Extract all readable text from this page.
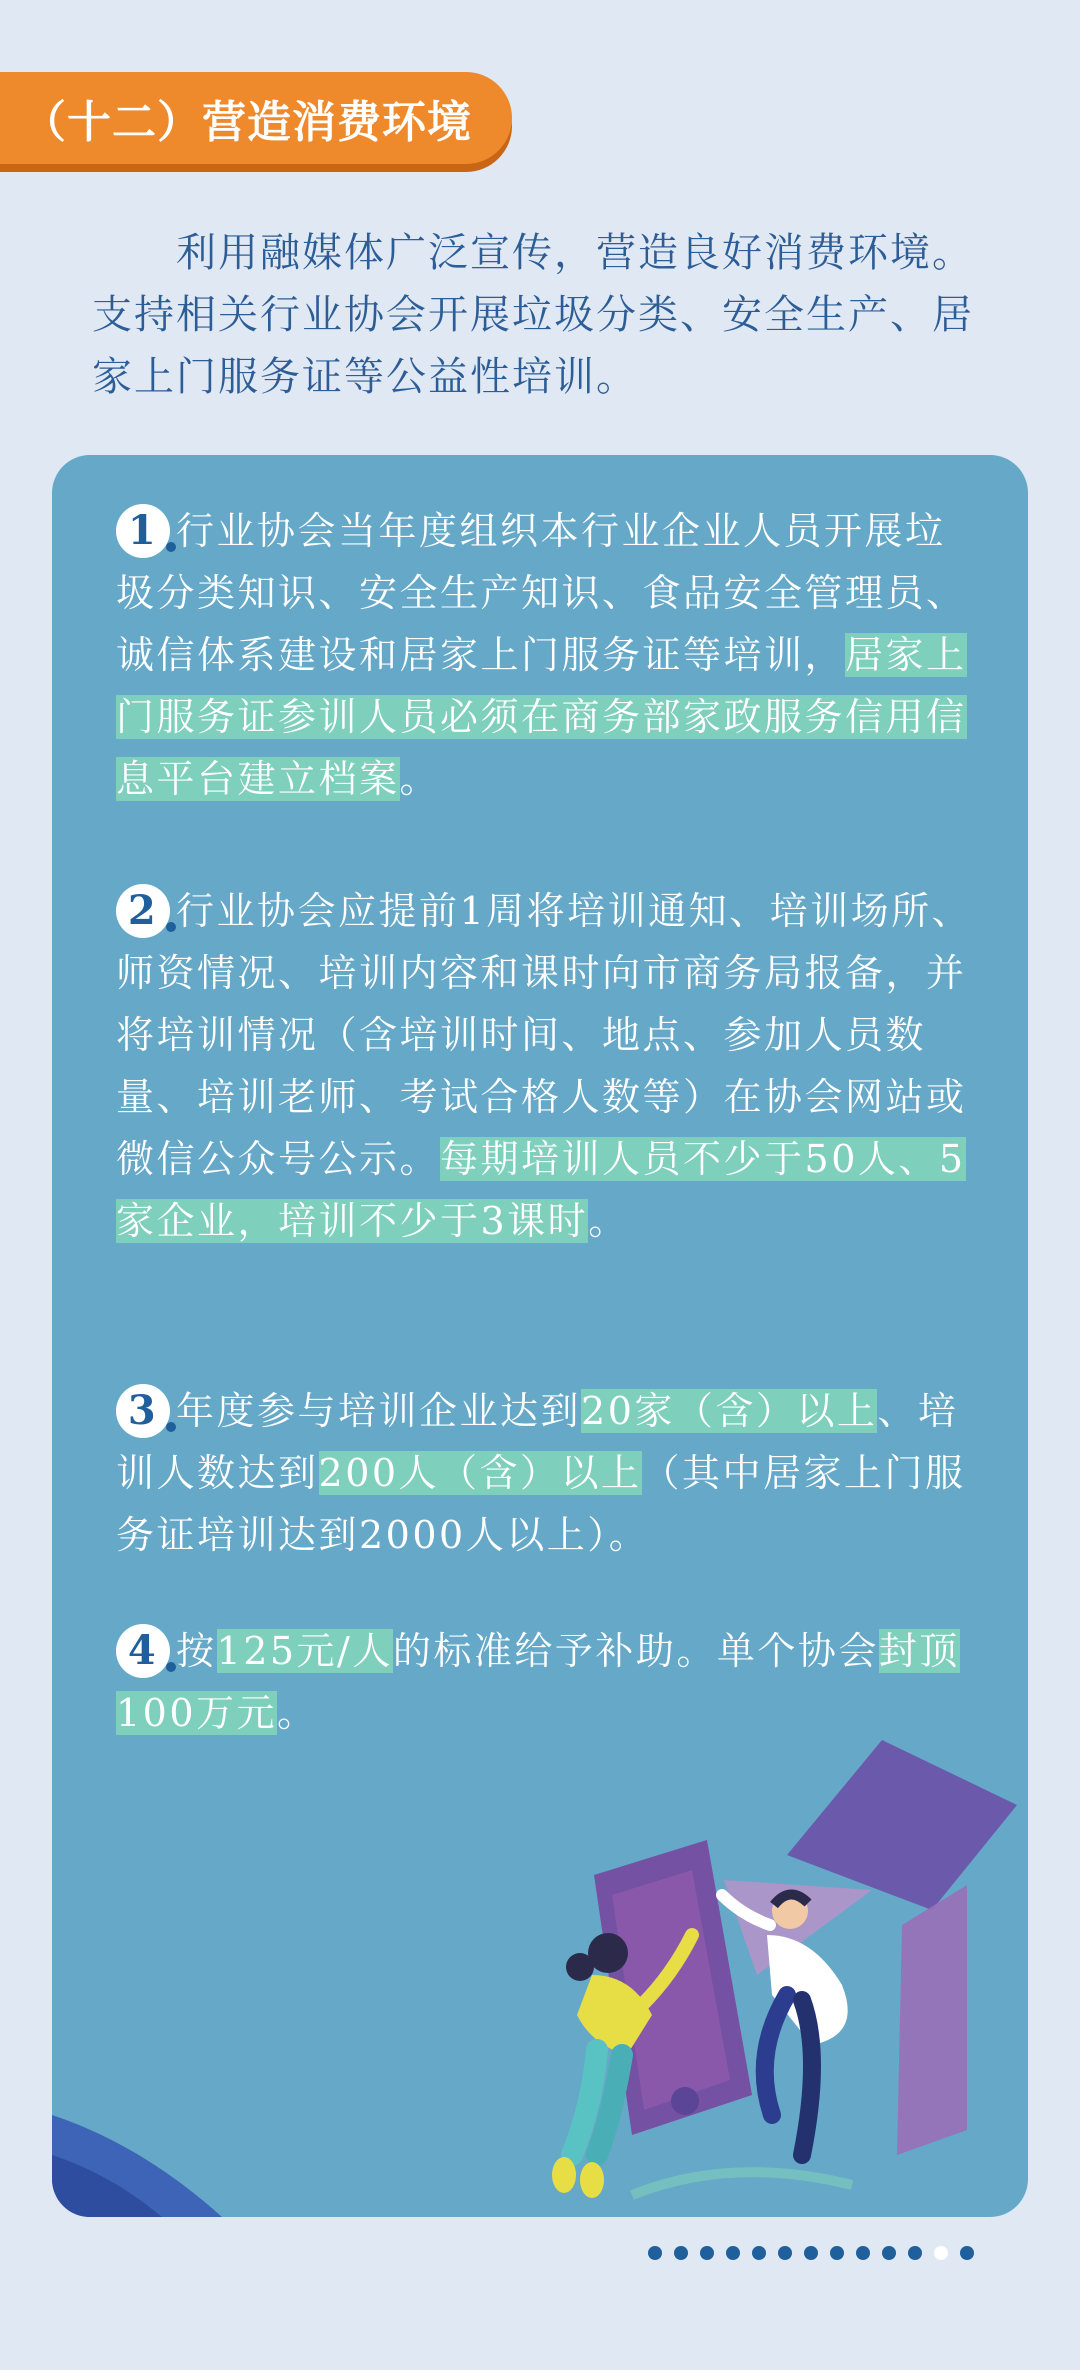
（十二）营造消费环境

利用融媒体广泛宣传，营造良好消费环境。支持相关行业协会开展垃圾分类、安全生产、居家上门服务证等公益性培训。

1 行业协会当年度组织本行业企业人员开展垃圾分类知识、安全生产知识、食品安全管理员、诚信体系建设和居家上门服务证等培训，居家上门服务证参训人员必须在商务部家政服务信用信息平台建立档案。

2 行业协会应提前1周将培训通知、培训场所、师资情况、培训内容和课时向市商务局报备，并将培训情况（含培训时间、地点、参加人员数量、培训老师、考试合格人数等）在协会网站或微信公众号公示。每期培训人员不少于50人、5家企业，培训不少于3课时。

3 年度参与培训企业达到20家（含）以上、培训人数达到200人（含）以上（其中居家上门服务证培训达到2000人以上）。

4 按125元/人的标准给予补助。单个协会封顶100万元。
